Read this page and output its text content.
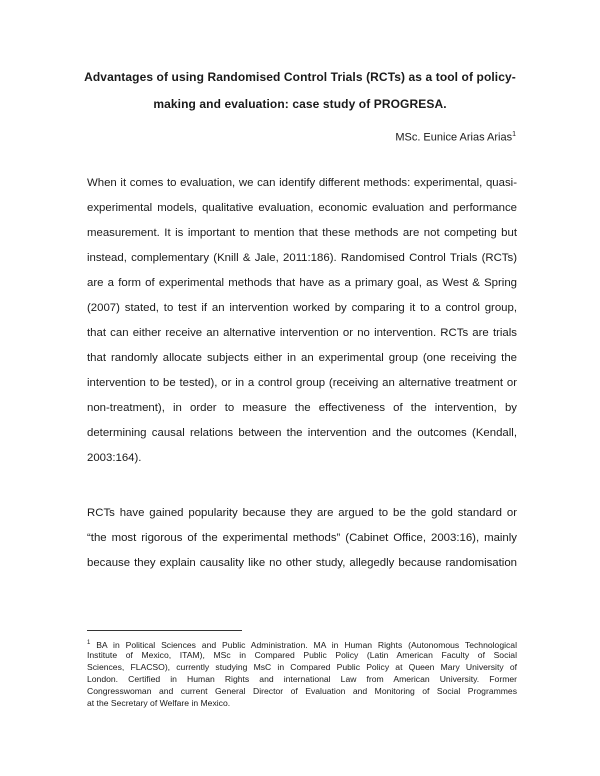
Advantages of using Randomised Control Trials (RCTs) as a tool of policy-
making and evaluation: case study of PROGRESA.
MSc. Eunice Arias Arias$^1$
When it comes to evaluation, we can identify different methods: experimental, quasi-
experimental models, qualitative evaluation, economic evaluation and performance
measurement. It is important to mention that these methods are not competing but
instead, complementary (Knill & Jale, 2011:186). Randomised Control Trials (RCTs)
are a form of experimental methods that have as a primary goal, as West & Spring
(2007) stated, to test if an intervention worked by comparing it to a control group,
that can either receive an alternative intervention or no intervention. RCTs are trials
that randomly allocate subjects either in an experimental group (one receiving the
intervention to be tested), or in a control group (receiving an alternative treatment or
non-treatment), in order to measure the effectiveness of the intervention, by
determining causal relations between the intervention and the outcomes (Kendall,
2003:164).
RCTs have gained popularity because they are argued to be the gold standard or
“the most rigorous of the experimental methods” (Cabinet Office, 2003:16), mainly
because they explain causality like no other study, allegedly because randomisation
$^1$ BA in Political Sciences and Public Administration. MA in Human Rights (Autonomous Technological
Institute of Mexico, ITAM), MSc in Compared Public Policy (Latin American Faculty of Social
Sciences, FLACSO), currently studying MsC in Compared Public Policy at Queen Mary University of
London. Certified in Human Rights and international Law from American University. Former
Congresswoman and current General Director of Evaluation and Monitoring of Social Programmes
at the Secretary of Welfare in Mexico.
